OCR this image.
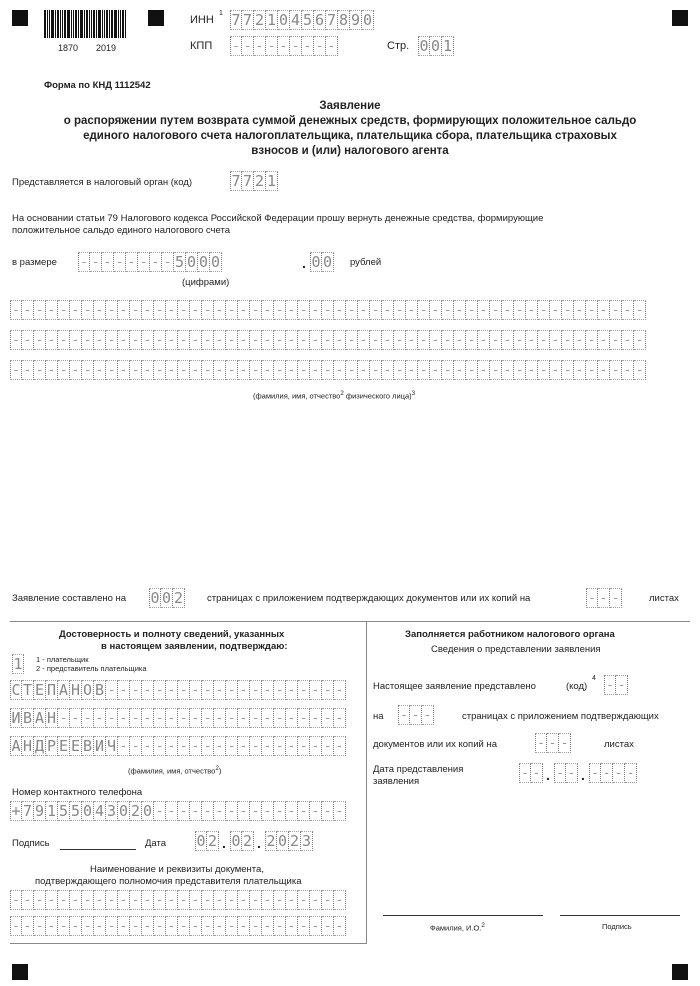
1870 2019
ИНН
1 7 7 2 1 0 4 5 6 7 8 9 0
КПП - - - - - - - - -	Стр. 0 0 1
Форма по КНД 1112542
Заявление
о распоряжении путем возврата суммой денежных средств, формирующих положительное сальдо
единого налогового счета налогоплательщика, плательщика сбора, плательщика страховых
взносов и (или) налогового агента
Представляется в налоговый орган (код)	7 7 2 1
На основании статьи 79 Налогового кодекса Российской Федерации прошу вернуть денежные средства, формирующие
положительное сальдо единого налогового счета
в размере - - - - - - - - 5 0 0 0	. 0 0 рублей
(цифрами)
- - - - - - - - - - - - - - - - - - - - - - - - - - - - - - - - - - - - - - - - - - - - - - - - - - - - -
- - - - - - - - - - - - - - - - - - - - - - - - - - - - - - - - - - - - - - - - - - - - - - - - - - - - -
- - - - - - - - - - - - - - - - - - - - - - - - - - - - - - - - - - - - - - - - - - - - - - - - - - - - -
(фамилия, имя, отчество$^2$ физического лица)$^3$
Заявление составлено на 0 0 2	страницах с приложением подтверждающих документов или их копий на	- - -	листах
Достоверность и полноту сведений, указанных
в настоящем заявлении, подтверждаю:
1 1 - плательщик
2 - представитель плательщика
С Т Е П А Н О В - - - - - - - - - - - - - - - - - - - -
И В А Н - - - - - - - - - - - - - - - - - - - - - - - -
А Н Д Р Е Е В И Ч - - - - - - - - - - - - - - - - - - -
(фамилия, имя, отчество$^2$)
Номер контактного телефона
+ 7 9 1 5 5 0 4 3 0 2 0 - - - - - - - - - - - - - - - -
Подпись	Дата 0 2 . 0 2 . 2 0 2 3
Наименование и реквизиты документа,
подтверждающего полномочия представителя плательщика
- - - - - - - - - - - - - - - - - - - - - - - - - - - -
- - - - - - - - - - - - - - - - - - - - - - - - - - - -
Заполняется работником налогового органа
Сведения о представлении заявления
Настоящее заявление представлено	(код)
4 - -
на - - -	страницах с приложением подтверждающих
документов или их копий на	- - -	листах
Дата представления
заявления
- - . - - . - - - -
Фамилия, И.О.$^2$	Подпись
